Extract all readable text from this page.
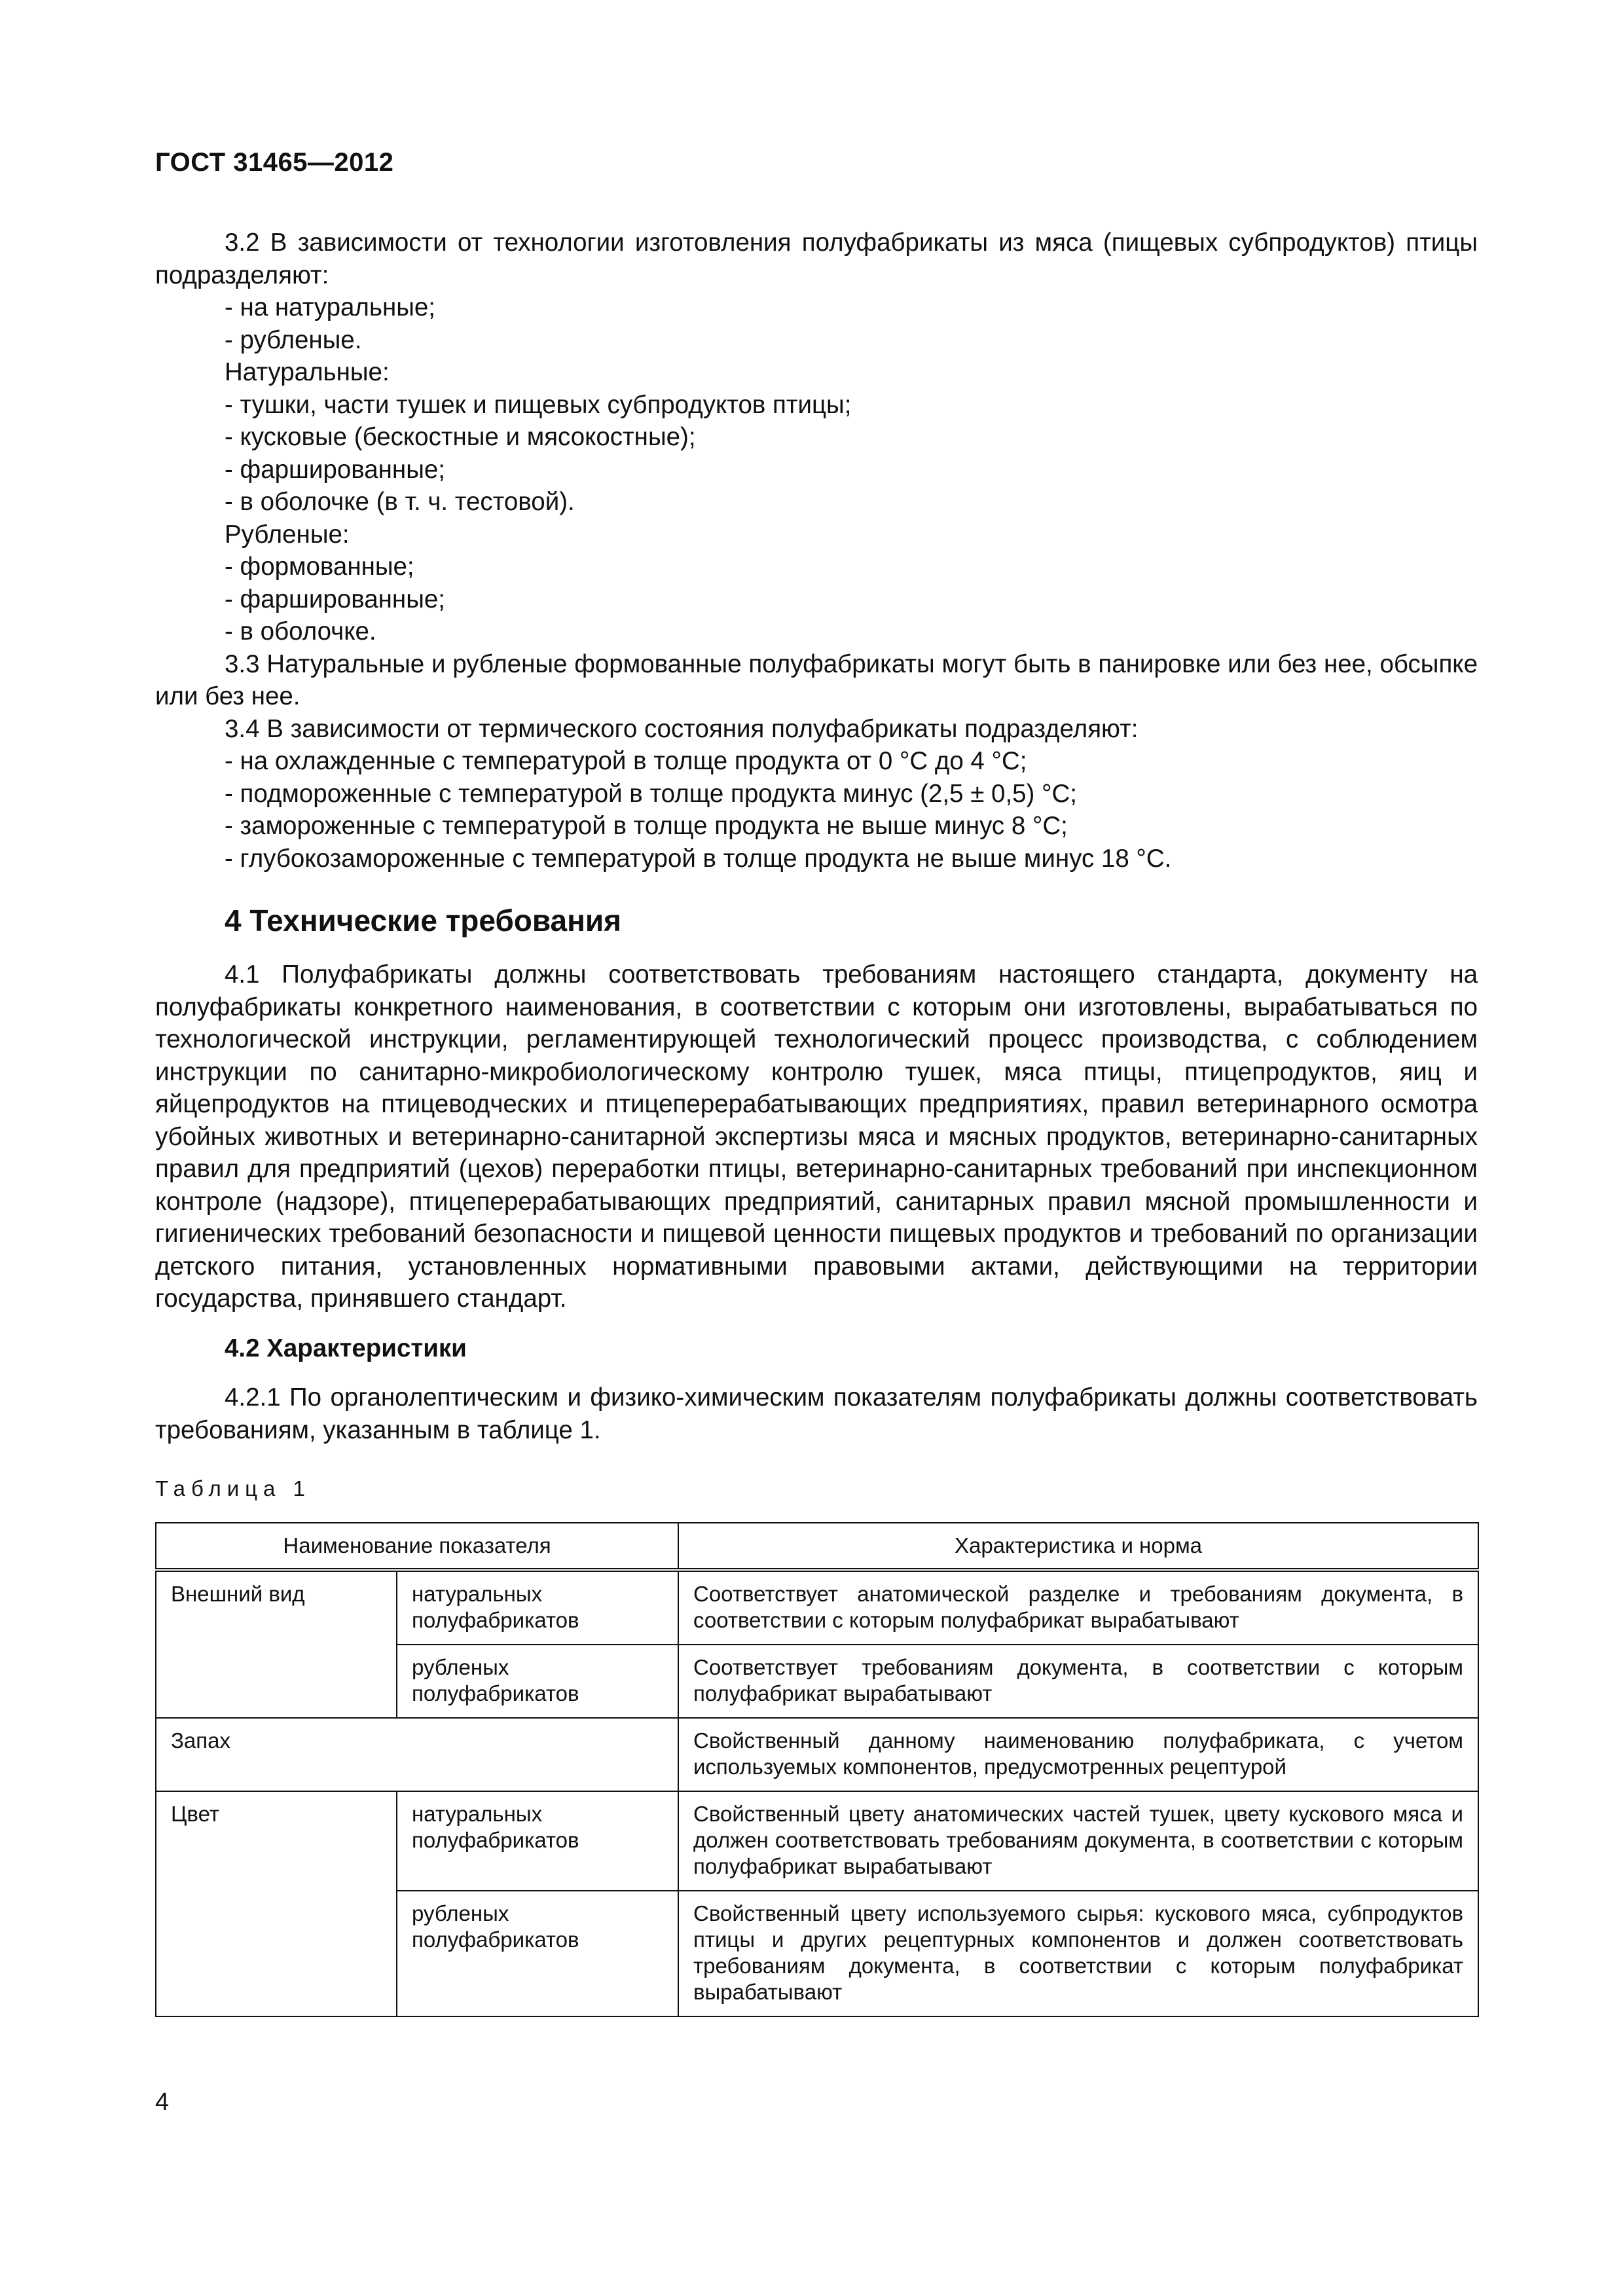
ГОСТ 31465—2012

3.2 В зависимости от технологии изготовления полуфабрикаты из мяса (пищевых субпродуктов) птицы подразделяют:

- на натуральные;

- рубленые.

Натуральные:

- тушки, части тушек и пищевых субпродуктов птицы;

- кусковые (бескостные и мясокостные);

- фаршированные;

- в оболочке (в т. ч. тестовой).

Рубленые:

- формованные;

- фаршированные;

- в оболочке.

3.3 Натуральные и рубленые формованные полуфабрикаты могут быть в панировке или без нее, обсыпке или без нее.

3.4 В зависимости от термического состояния полуфабрикаты подразделяют:

- на охлажденные с температурой в толще продукта от 0 °С до 4 °С;

- подмороженные с температурой в толще продукта минус (2,5 ± 0,5) °С;

- замороженные с температурой в толще продукта не выше минус 8 °С;

- глубокозамороженные с температурой в толще продукта не выше минус 18 °С.

4 Технические требования

4.1 Полуфабрикаты должны соответствовать требованиям настоящего стандарта, документу на полуфабрикаты конкретного наименования, в соответствии с которым они изготовлены, вырабатываться по технологической инструкции, регламентирующей технологический процесс производства, с соблюдением инструкции по санитарно-микробиологическому контролю тушек, мяса птицы, птицепродуктов, яиц и яйцепродуктов на птицеводческих и птицеперерабатывающих предприятиях, правил ветеринарного осмотра убойных животных и ветеринарно-санитарной экспертизы мяса и мясных продуктов, ветеринарно-санитарных правил для предприятий (цехов) переработки птицы, ветеринарно-санитарных требований при инспекционном контроле (надзоре), птицеперерабатывающих предприятий, санитарных правил мясной промышленности и гигиенических требований безопасности и пищевой ценности пищевых продуктов и требований по организации детского питания, установленных нормативными правовыми актами, действующими на территории государства, принявшего стандарт.

4.2 Характеристики

4.2.1 По органолептическим и физико-химическим показателям полуфабрикаты должны соответствовать требованиям, указанным в таблице 1.

Таблица 1
Наименование показателя		Характеристика и норма
Внешний вид	натуральных полуфабрикатов	Соответствует анатомической разделке и требованиям документа, в соответствии с которым полуфабрикат вырабатывают
	рубленых полуфабрикатов	Соответствует требованиям документа, в соответствии с которым полуфабрикат вырабатывают
Запах		Свойственный данному наименованию полуфабриката, с учетом используемых компонентов, предусмотренных рецептурой
Цвет	натуральных полуфабрикатов	Свойственный цвету анатомических частей тушек, цвету кускового мяса и должен соответствовать требованиям документа, в соответствии с которым полуфабрикат вырабатывают
	рубленых полуфабрикатов	Свойственный цвету используемого сырья: кускового мяса, субпродуктов птицы и других рецептурных компонентов и должен соответствовать требованиям документа, в соответствии с которым полуфабрикат вырабатывают
4
